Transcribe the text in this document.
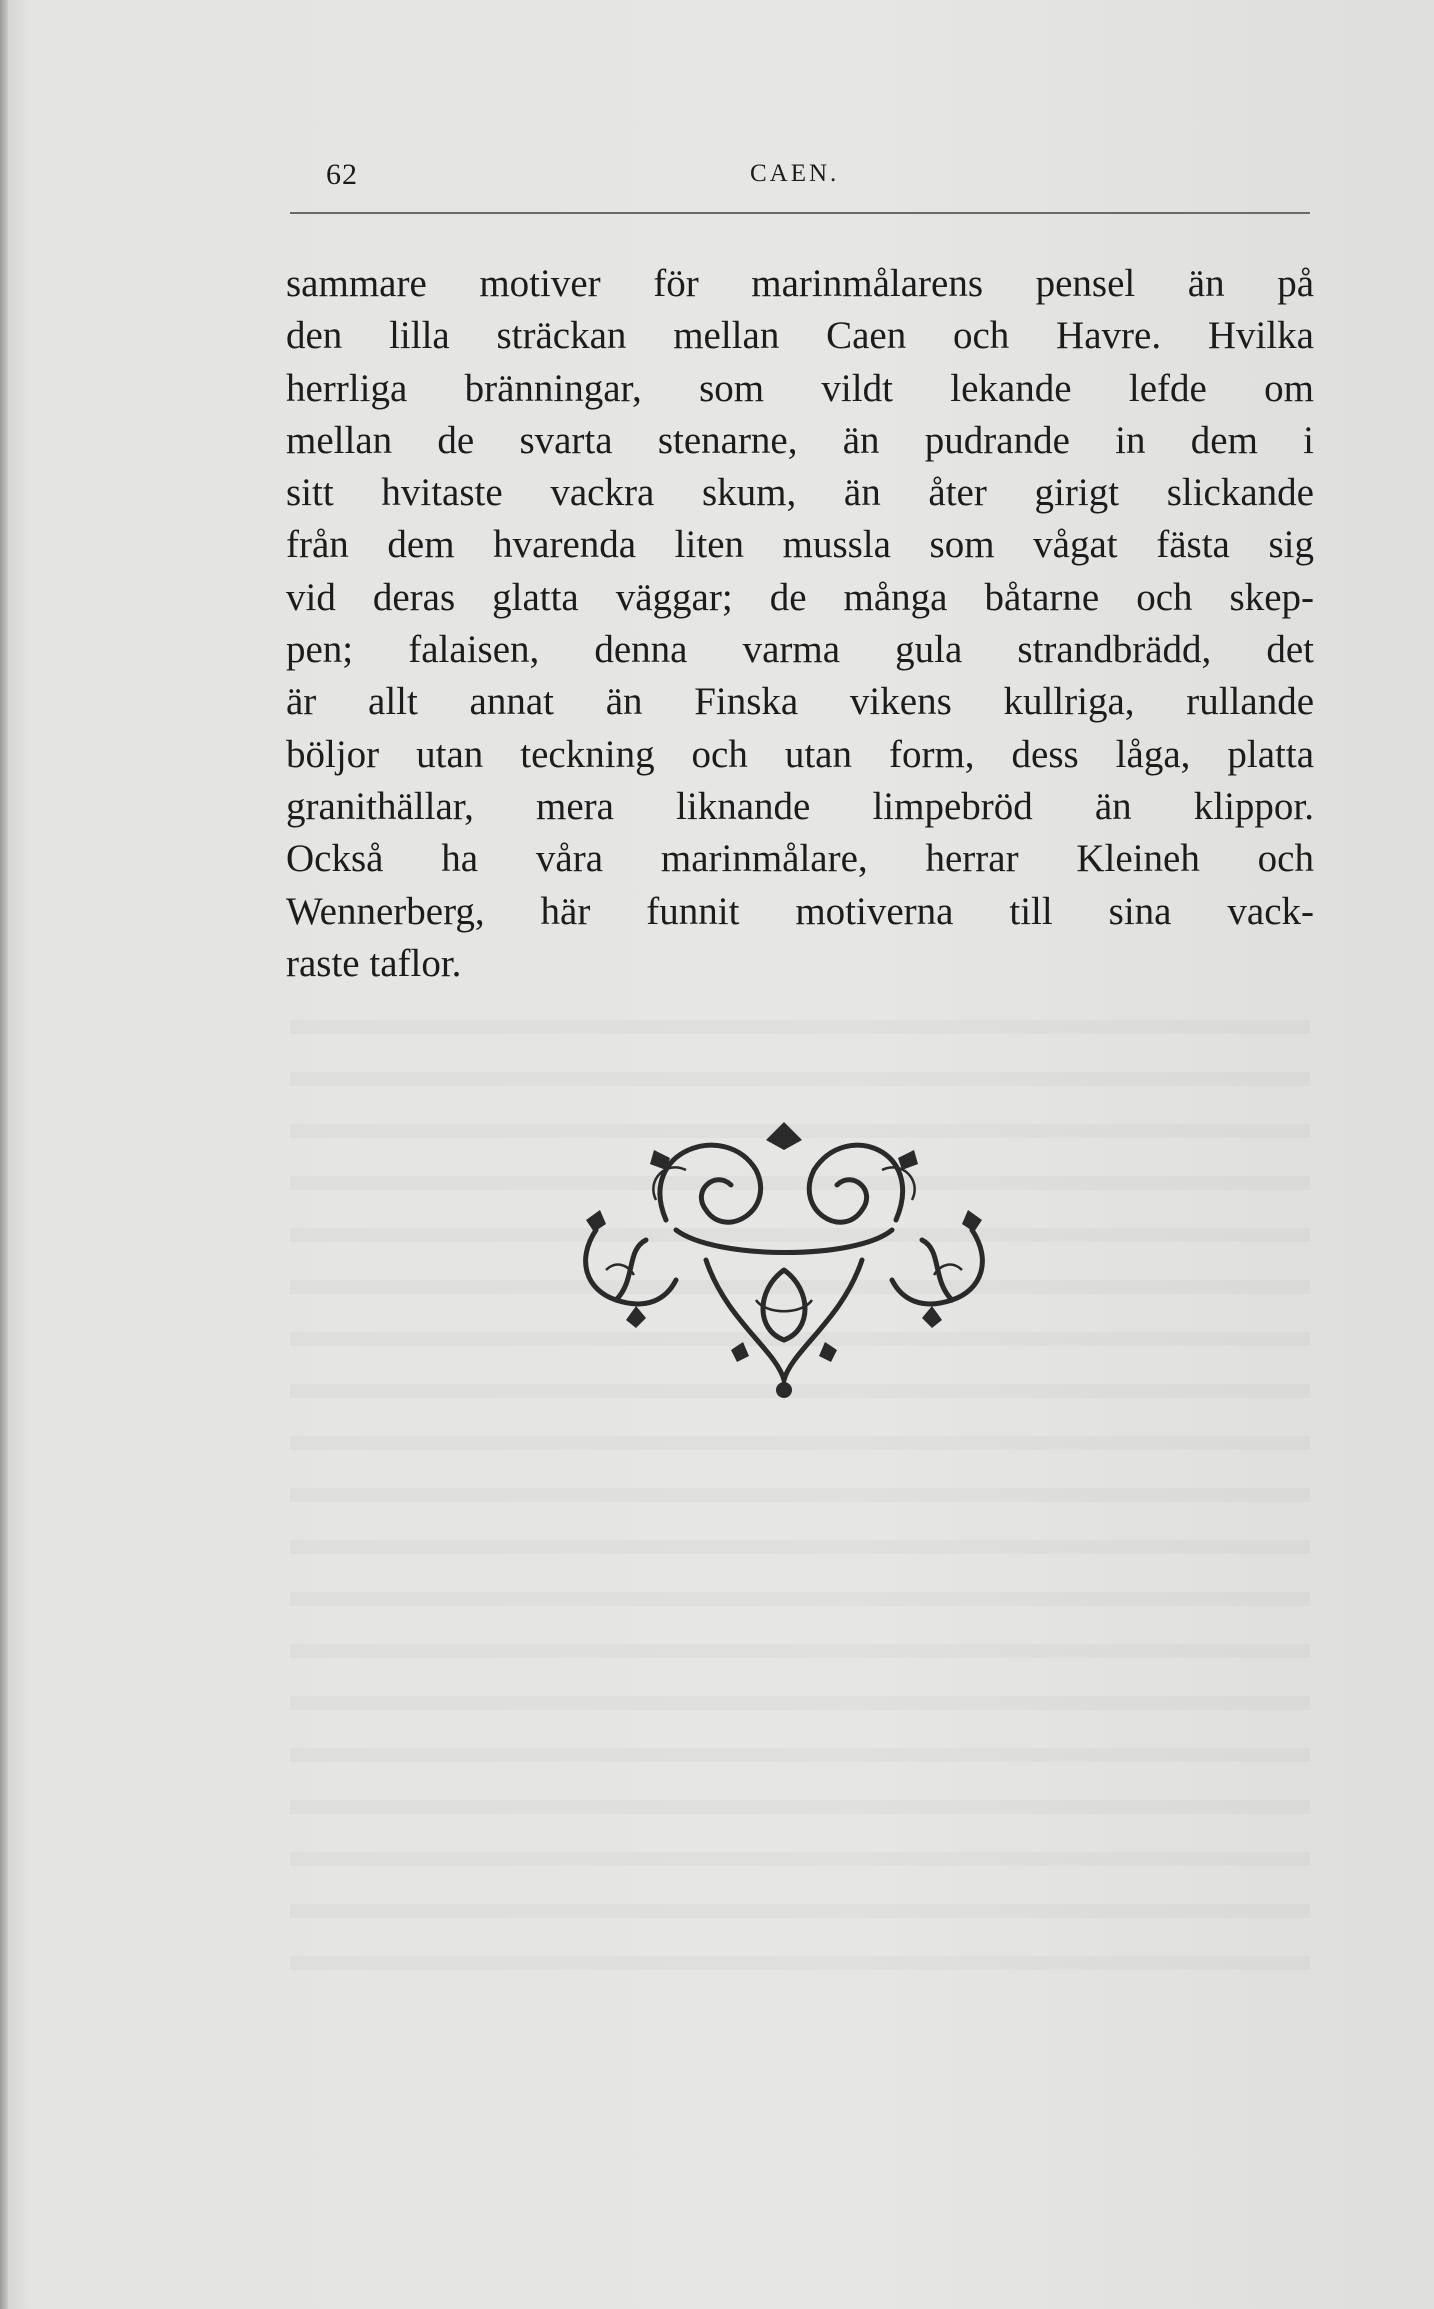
62	CAEN.
sammare motiver för marinmålarens pensel än på
den lilla sträckan mellan Caen och Havre. Hvilka
herrliga bränningar, som vildt lekande lefde om
mellan de svarta stenarne, än pudrande in dem i
sitt hvitaste vackra skum, än åter girigt slickande
från dem hvarenda liten mussla som vågat fästa sig
vid deras glatta väggar; de många båtarne och skep-
pen; falaisen, denna varma gula strandbrädd, det
är allt annat än Finska vikens kullriga, rullande
böljor utan teckning och utan form, dess låga, platta
granithällar, mera liknande limpebröd än klippor.
Också ha våra marinmålare, herrar Kleineh och
Wennerberg, här funnit motiverna till sina vack-
raste taflor.
